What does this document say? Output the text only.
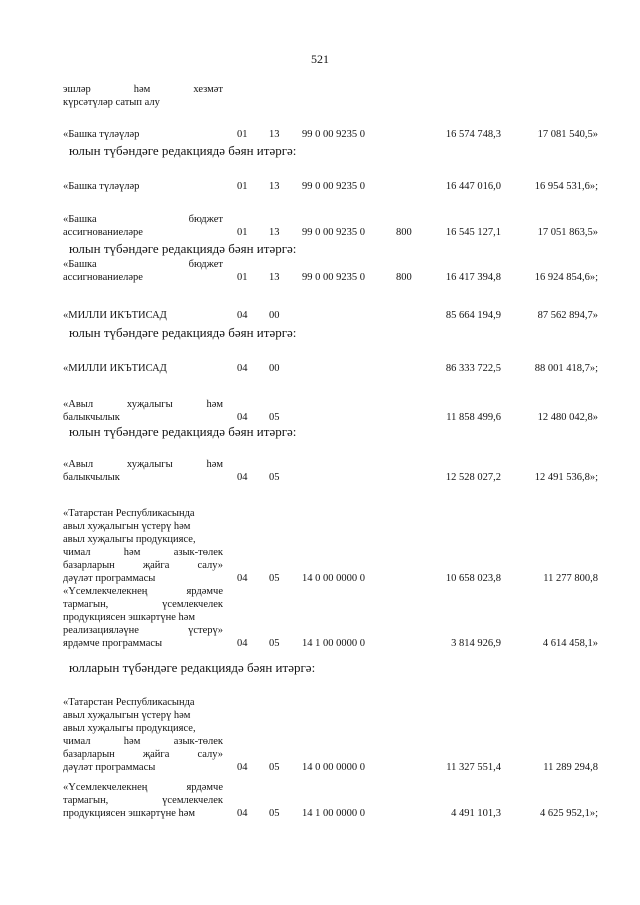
521
эшләр һәм хезмәт
күрсәтүләр сатып алу
«Башка түләүләр	01 13 99 0 00 9235 0	16 574 748,3	17 081 540,5»
юлын түбәндәге редакциядә бәян итәргә:
«Башка түләүләр	01 13 99 0 00 9235 0	16 447 016,0	16 954 531,6»;
«Башка бюджет
ассигнованиеләре	01 13 99 0 00 9235 0	800	16 545 127,1	17 051 863,5»
юлын түбәндәге редакциядә бәян итәргә:
«Башка бюджет
ассигнованиеләре	01 13 99 0 00 9235 0	800	16 417 394,8	16 924 854,6»;
«МИЛЛИ ИКЪТИСАД	04 00	85 664 194,9	87 562 894,7»
юлын түбәндәге редакциядә бәян итәргә:
«МИЛЛИ ИКЪТИСАД	04 00	86 333 722,5	88 001 418,7»;
«Авыл хуҗалыгы һәм
балыкчылык	04 05	11 858 499,6	12 480 042,8»
юлын түбәндәге редакциядә бәян итәргә:
«Авыл хуҗалыгы һәм
балыкчылык	04 05	12 528 027,2	12 491 536,8»;
«Татарстан Республикасында
авыл хуҗалыгын үстерү һәм
авыл хуҗалыгы продукциясе,
чимал һәм азык-төлек
базарларын җайга салу»
дәүләт программасы	04 05 14 0 00 0000 0	10 658 023,8	11 277 800,8
«Үсемлекчелекнең ярдәмче
тармагын, үсемлекчелек
продукциясен эшкәртүне һәм
реализацияләүне үстерү»
ярдәмче программасы	04 05 14 1 00 0000 0	3 814 926,9	4 614 458,1»
юлларын түбәндәге редакциядә бәян итәргә:
«Татарстан Республикасында
авыл хуҗалыгын үстерү һәм
авыл хуҗалыгы продукциясе,
чимал һәм азык-төлек
базарларын җайга салу»
дәүләт программасы	04 05 14 0 00 0000 0	11 327 551,4	11 289 294,8
«Үсемлекчелекнең ярдәмче
тармагын, үсемлекчелек
продукциясен эшкәртүне һәм	04 05 14 1 00 0000 0	4 491 101,3	4 625 952,1»;
